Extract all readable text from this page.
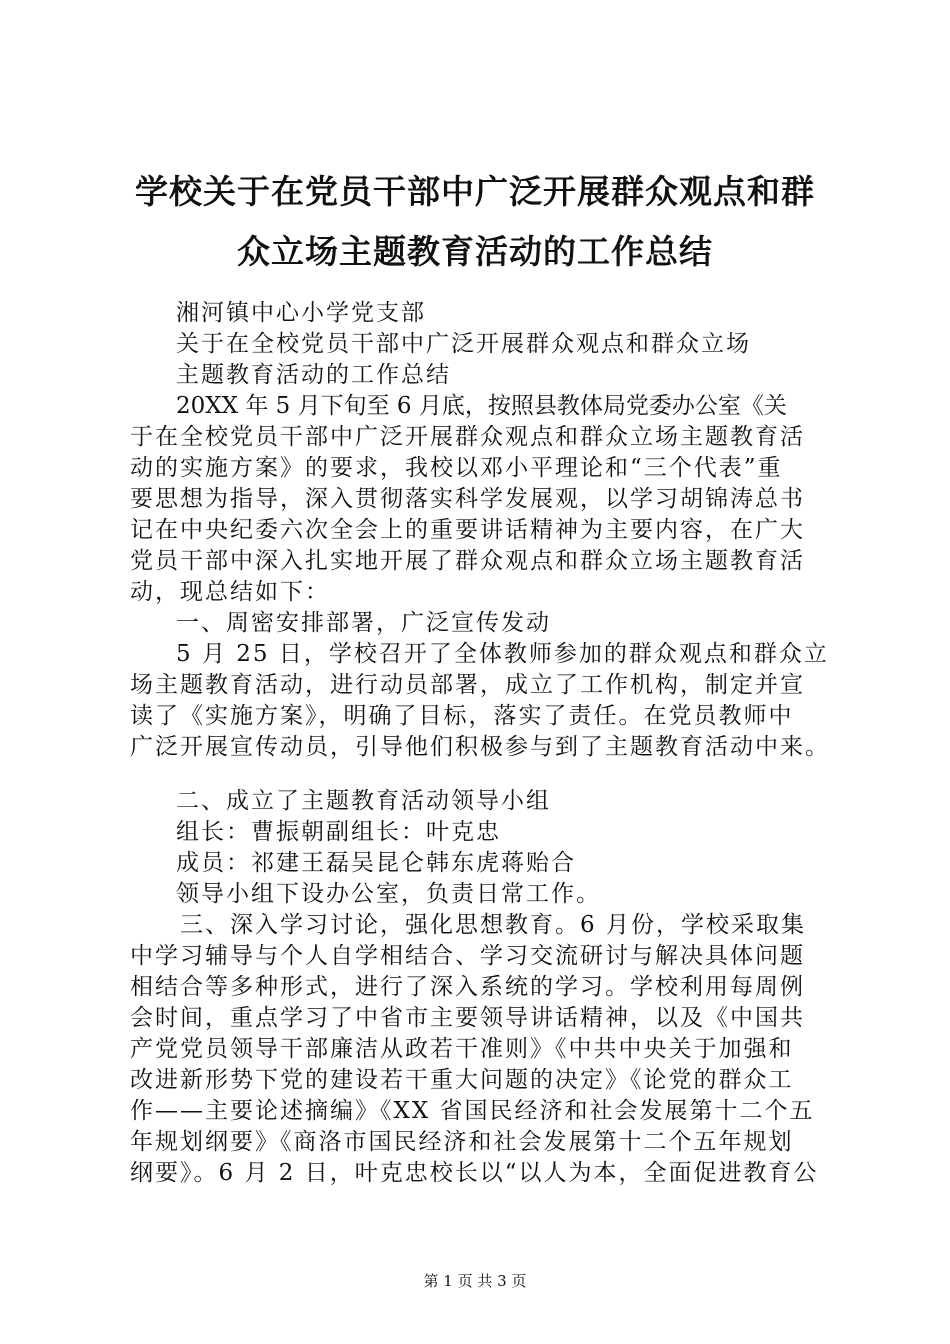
学校关于在党员干部中广泛开展群众观点和群
众立场主题教育活动的工作总结
湘河镇中心小学党支部
关于在全校党员干部中广泛开展群众观点和群众立场
主题教育活动的工作总结
20XX 年 5 月下旬至 6 月底，按照县教体局党委办公室《关
于在全校党员干部中广泛开展群众观点和群众立场主题教育活
动的实施方案》的要求，我校以邓小平理论和“三个代表”重
要思想为指导，深入贯彻落实科学发展观，以学习胡锦涛总书
记在中央纪委六次全会上的重要讲话精神为主要内容，在广大
党员干部中深入扎实地开展了群众观点和群众立场主题教育活
动，现总结如下：
一、周密安排部署，广泛宣传发动
5 月 25 日，学校召开了全体教师参加的群众观点和群众立
场主题教育活动，进行动员部署，成立了工作机构，制定并宣
读了《实施方案》，明确了目标，落实了责任。在党员教师中
广泛开展宣传动员，引导他们积极参与到了主题教育活动中来。
二、成立了主题教育活动领导小组
组长：曹振朝副组长：叶克忠
成员：祁建王磊吴昆仑韩东虎蒋贻合
领导小组下设办公室，负责日常工作。
三、深入学习讨论，强化思想教育。6 月份，学校采取集
中学习辅导与个人自学相结合、学习交流研讨与解决具体问题
相结合等多种形式，进行了深入系统的学习。学校利用每周例
会时间，重点学习了中省市主要领导讲话精神，以及《中国共
产党党员领导干部廉洁从政若干准则》《中共中央关于加强和
改进新形势下党的建设若干重大问题的决定》《论党的群众工
作——主要论述摘编》《XX 省国民经济和社会发展第十二个五
年规划纲要》《商洛市国民经济和社会发展第十二个五年规划
纲要》。6 月 2 日，叶克忠校长以“以人为本，全面促进教育公
第 1 页 共 3 页
